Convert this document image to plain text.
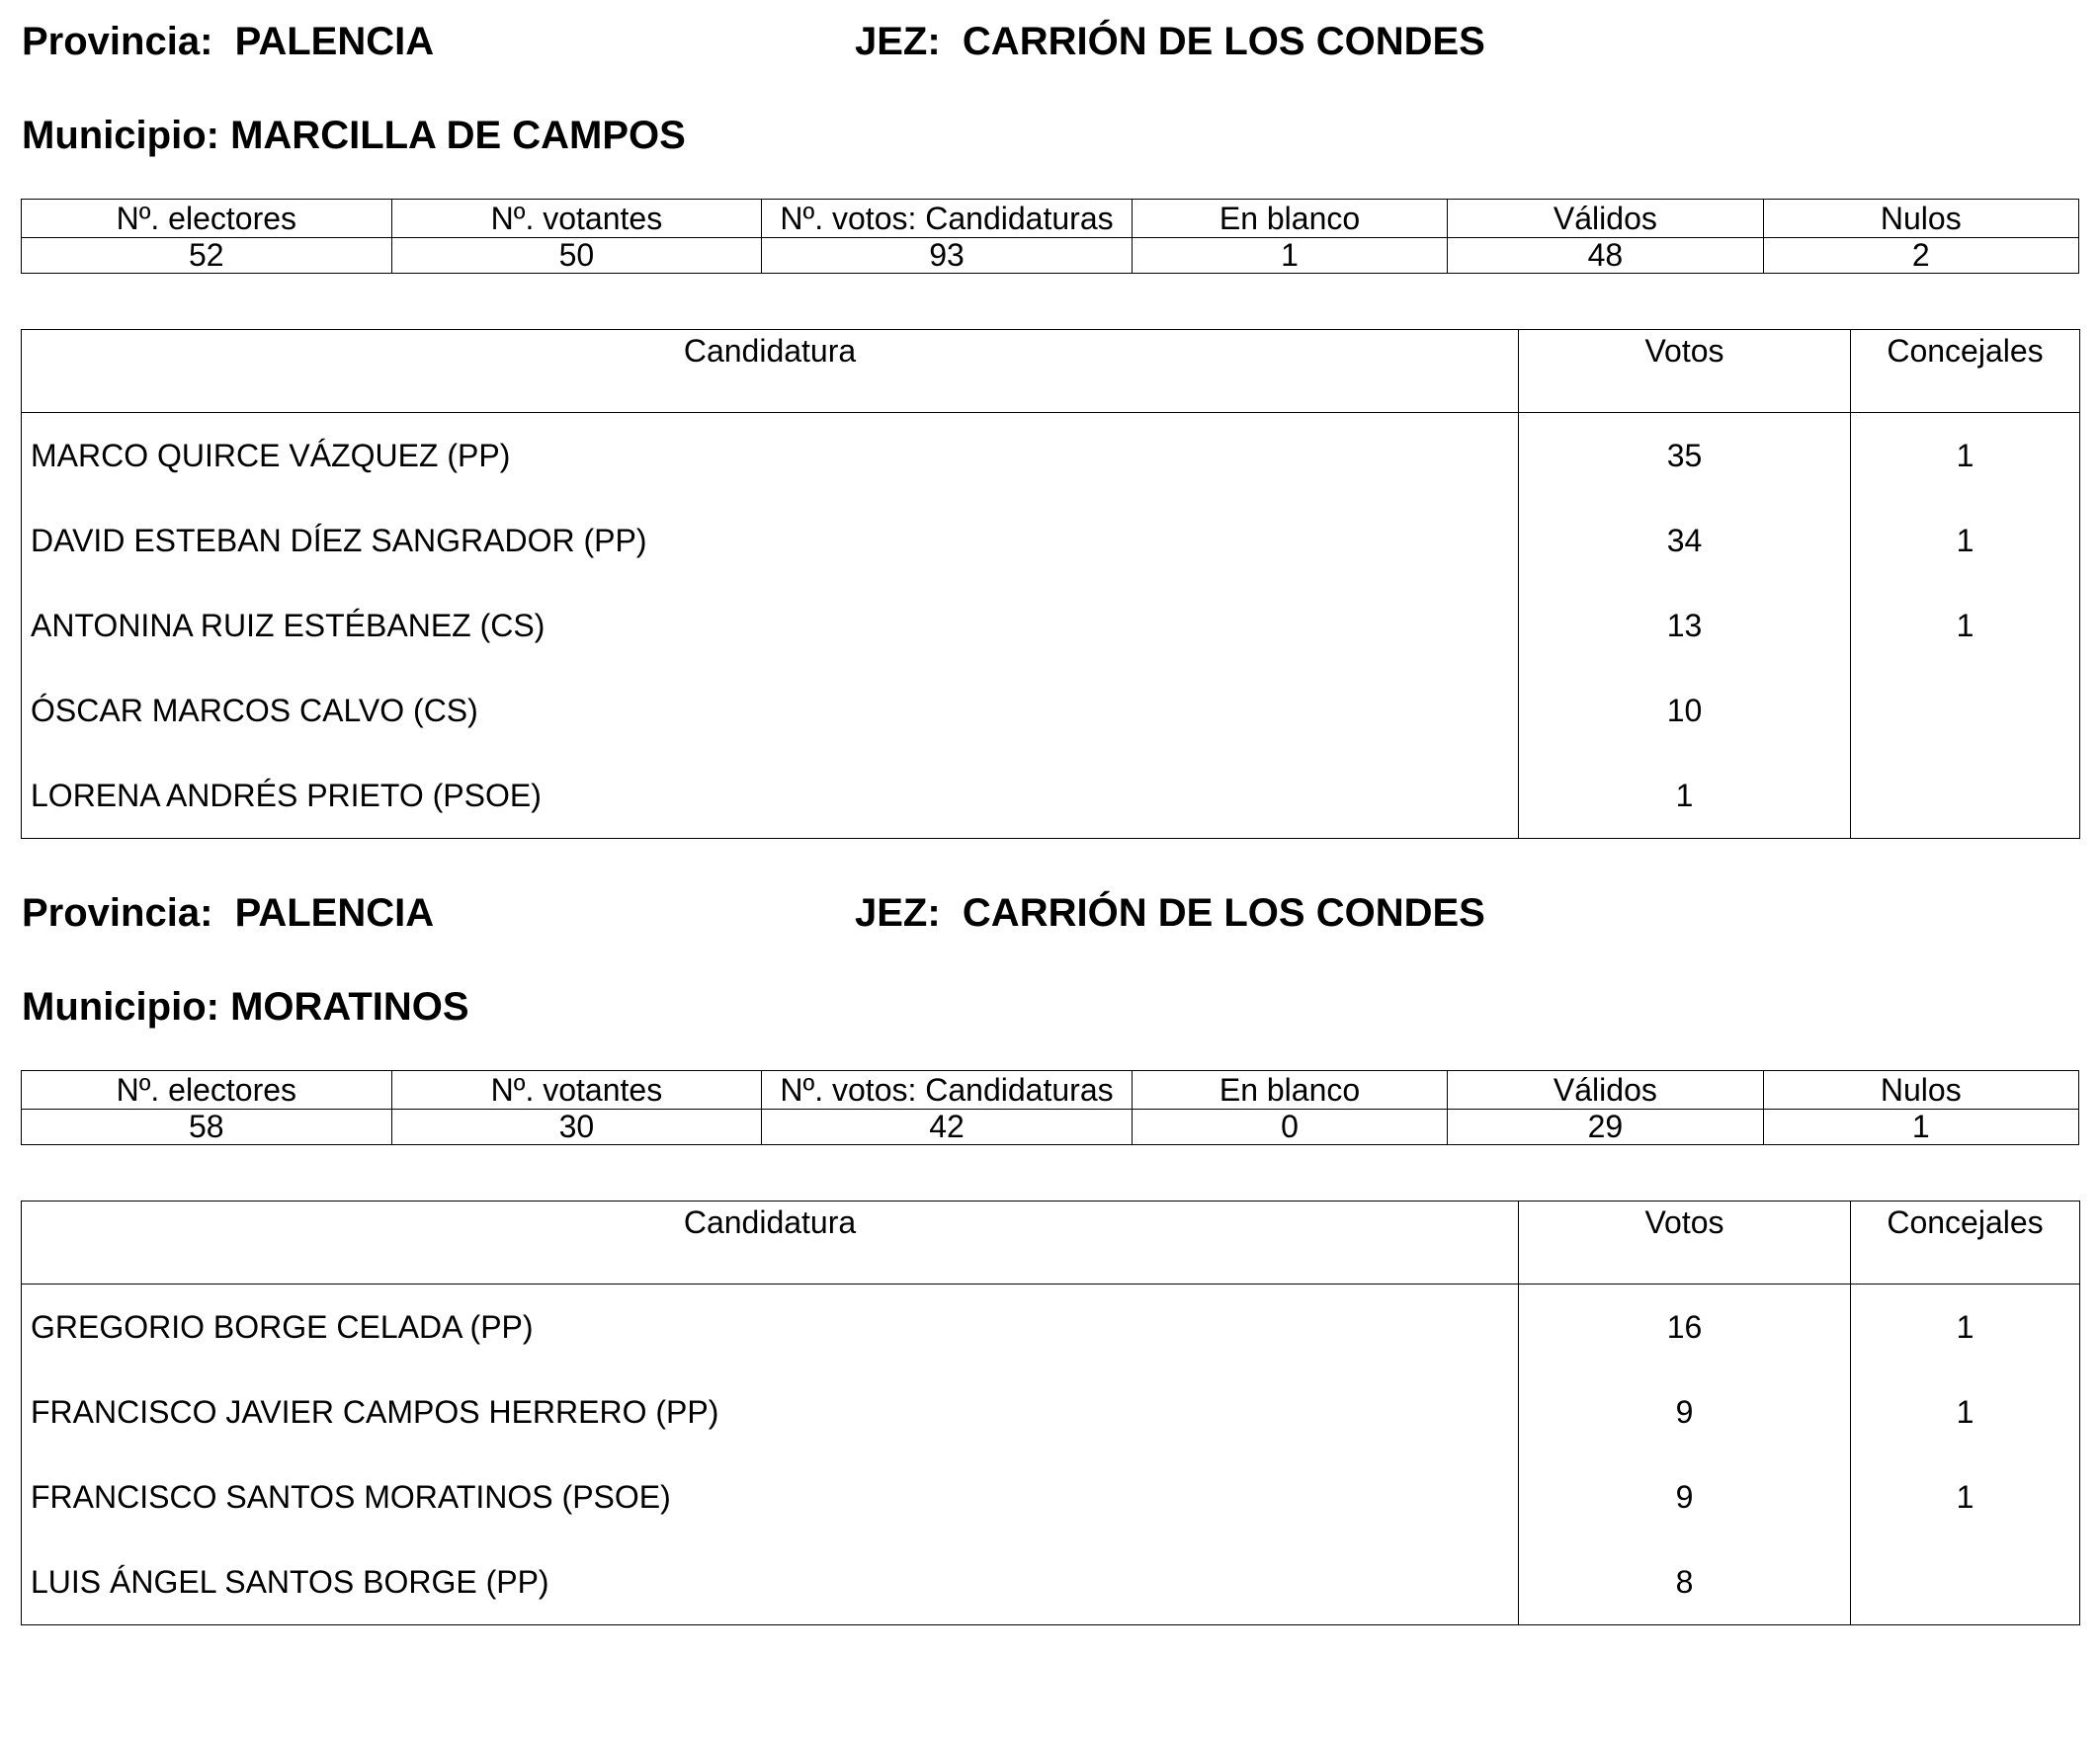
Provincia: PALENCIA	JEZ: CARRIÓN DE LOS CONDES
Municipio: MARCILLA DE CAMPOS
Nº. electores	Nº. votantes	Nº. votos: Candidaturas	En blanco	Válidos	Nulos
52	50	93	1	48	2
Candidatura	Votos	Concejales
MARCO QUIRCE VÁZQUEZ (PP)	35	1
DAVID ESTEBAN DÍEZ SANGRADOR (PP)	34	1
ANTONINA RUIZ ESTÉBANEZ (CS)	13	1
ÓSCAR MARCOS CALVO (CS)	10	
LORENA ANDRÉS PRIETO (PSOE)	1	
Provincia: PALENCIA	JEZ: CARRIÓN DE LOS CONDES
Municipio: MORATINOS
Nº. electores	Nº. votantes	Nº. votos: Candidaturas	En blanco	Válidos	Nulos
58	30	42	0	29	1
Candidatura	Votos	Concejales
GREGORIO BORGE CELADA (PP)	16	1
FRANCISCO JAVIER CAMPOS HERRERO (PP)	9	1
FRANCISCO SANTOS MORATINOS (PSOE)	9	1
LUIS ÁNGEL SANTOS BORGE (PP)	8	
